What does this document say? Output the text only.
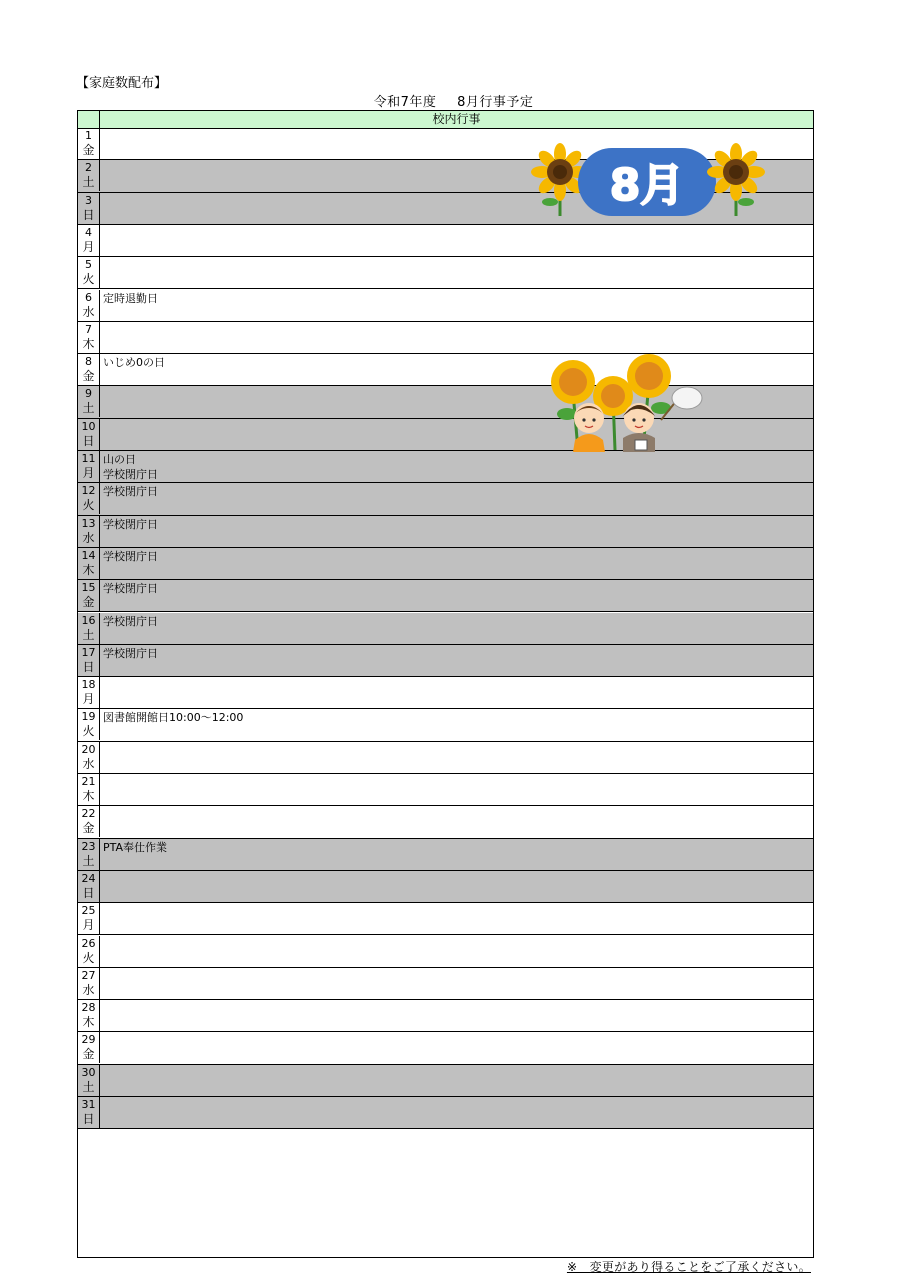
【家庭数配布】
令和7年度 8月行事予定
校内行事
1
金
2
土
3
日
4
月
5
火
6
水
定時退勤日
7
木
8
金
いじめ0の日
9
土
10
日
11
月
山の日
学校閉庁日
12
火
学校閉庁日
13
水
学校閉庁日
14
木
学校閉庁日
15
金
学校閉庁日
16
土
学校閉庁日
17
日
学校閉庁日
18
月
19
火
図書館開館日10:00～12:00
20
水
21
木
22
金
23
土
PTA奉仕作業
24
日
25
月
26
火
27
水
28
木
29
金
30
土
31
日
8月
※　変更があり得ることをご了承ください。
